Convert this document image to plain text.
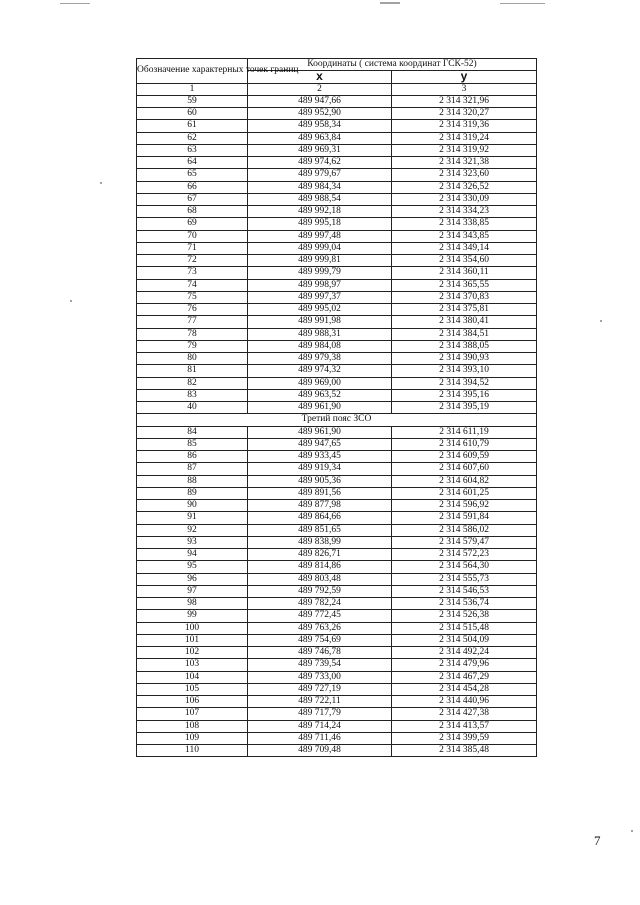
Обозначение характерных точек границ	Координаты ( система координат ГСК-52)	
	х	у
1	2	3
59	489 947,66	2 314 321,96
60	489 952,90	2 314 320,27
61	489 958,34	2 314 319,36
62	489 963,84	2 314 319,24
63	489 969,31	2 314 319,92
64	489 974,62	2 314 321,38
65	489 979,67	2 314 323,60
66	489 984,34	2 314 326,52
67	489 988,54	2 314 330,09
68	489 992,18	2 314 334,23
69	489 995,18	2 314 338,85
70	489 997,48	2 314 343,85
71	489 999,04	2 314 349,14
72	489 999,81	2 314 354,60
73	489 999,79	2 314 360,11
74	489 998,97	2 314 365,55
75	489 997,37	2 314 370,83
76	489 995,02	2 314 375,81
77	489 991,98	2 314 380,41
78	489 988,31	2 314 384,51
79	489 984,08	2 314 388,05
80	489 979,38	2 314 390,93
81	489 974,32	2 314 393,10
82	489 969,00	2 314 394,52
83	489 963,52	2 314 395,16
40	489 961,90	2 314 395,19
Третий пояс ЗСО		
84	489 961,90	2 314 611,19
85	489 947,65	2 314 610,79
86	489 933,45	2 314 609,59
87	489 919,34	2 314 607,60
88	489 905,36	2 314 604,82
89	489 891,56	2 314 601,25
90	489 877,98	2 314 596,92
91	489 864,66	2 314 591,84
92	489 851,65	2 314 586,02
93	489 838,99	2 314 579,47
94	489 826,71	2 314 572,23
95	489 814,86	2 314 564,30
96	489 803,48	2 314 555,73
97	489 792,59	2 314 546,53
98	489 782,24	2 314 536,74
99	489 772,45	2 314 526,38
100	489 763,26	2 314 515,48
101	489 754,69	2 314 504,09
102	489 746,78	2 314 492,24
103	489 739,54	2 314 479,96
104	489 733,00	2 314 467,29
105	489 727,19	2 314 454,28
106	489 722,11	2 314 440,96
107	489 717,79	2 314 427,38
108	489 714,24	2 314 413,57
109	489 711,46	2 314 399,59
110	489 709,48	2 314 385,48
7
